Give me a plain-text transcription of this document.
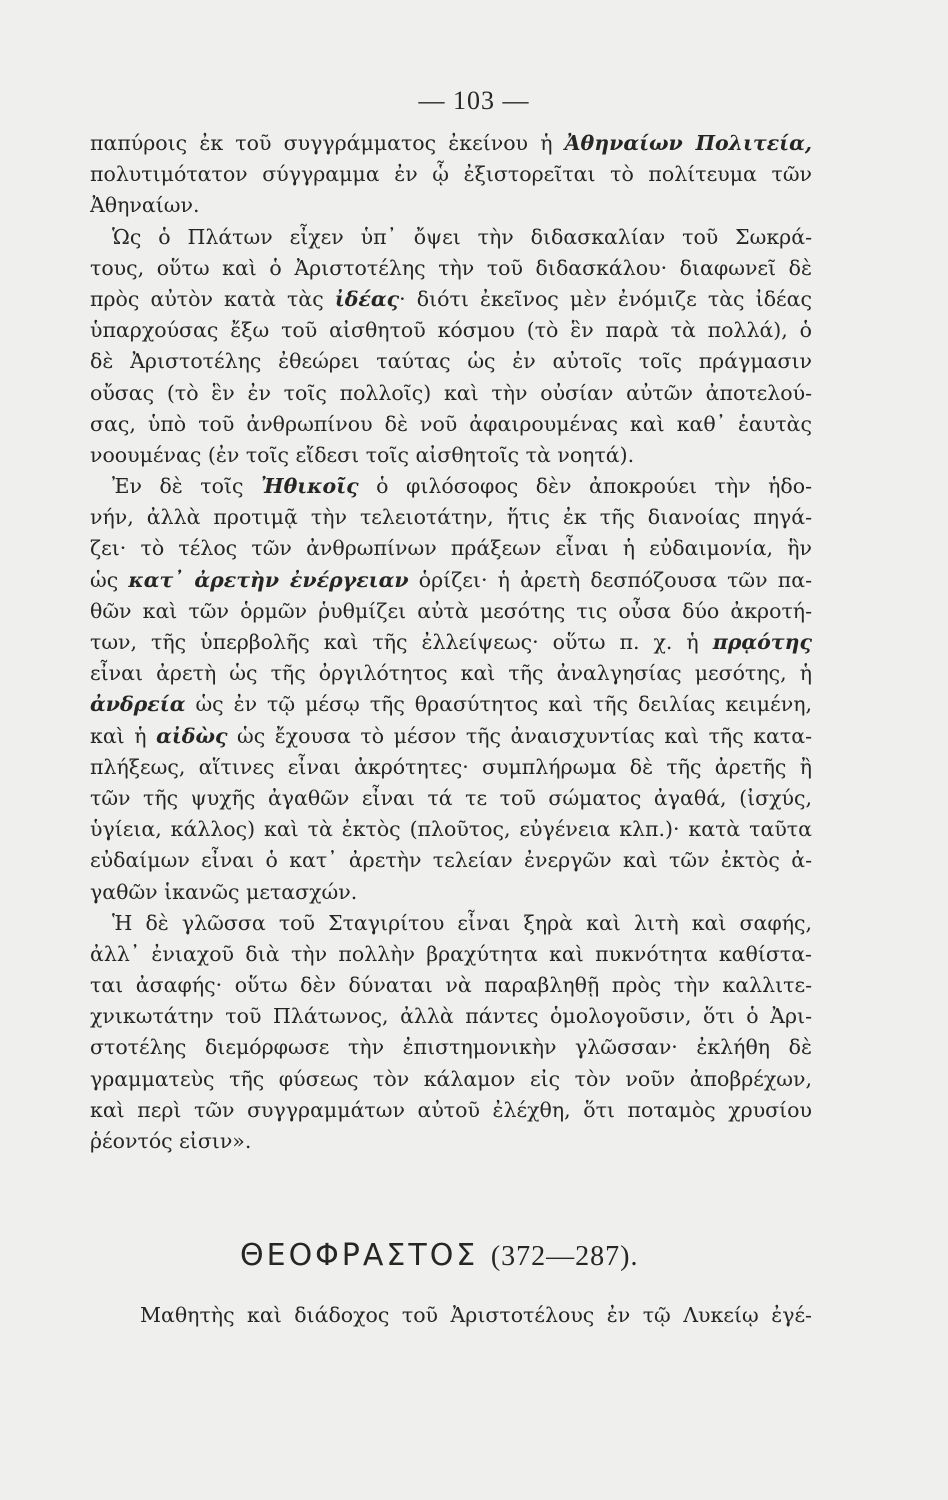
— 103 —
παπύροις ἐκ τοῦ συγγράμματος ἐκείνου ἡ Ἀθηναίων Πολιτεία,
πολυτιμότατον σύγγραμμα ἐν ᾧ ἐξιστορεῖται τὸ πολίτευμα τῶν
Ἀθηναίων.
Ὡς ὁ Πλάτων εἶχεν ὑπ᾽ ὄψει τὴν διδασκαλίαν τοῦ Σωκρά-
τους, οὕτω καὶ ὁ Ἀριστοτέλης τὴν τοῦ διδασκάλου· διαφωνεῖ δὲ
πρὸς αὐτὸν κατὰ τὰς ἰδέας· διότι ἐκεῖνος μὲν ἐνόμιζε τὰς ἰδέας
ὑπαρχούσας ἔξω τοῦ αἰσθητοῦ κόσμου (τὸ ἓν παρὰ τὰ πολλά), ὁ
δὲ Ἀριστοτέλης ἐθεώρει ταύτας ὡς ἐν αὐτοῖς τοῖς πράγμασιν
οὔσας (τὸ ἓν ἐν τοῖς πολλοῖς) καὶ τὴν οὐσίαν αὐτῶν ἀποτελού-
σας, ὑπὸ τοῦ ἀνθρωπίνου δὲ νοῦ ἀφαιρουμένας καὶ καθ᾽ ἑαυτὰς
νοουμένας (ἐν τοῖς εἴδεσι τοῖς αἰσθητοῖς τὰ νοητά).
Ἐν δὲ τοῖς Ἠθικοῖς ὁ φιλόσοφος δὲν ἀποκρούει τὴν ἡδο-
νήν, ἀλλὰ προτιμᾷ τὴν τελειοτάτην, ἥτις ἐκ τῆς διανοίας πηγά-
ζει· τὸ τέλος τῶν ἀνθρωπίνων πράξεων εἶναι ἡ εὐδαιμονία, ἣν
ὡς κατ᾽ ἀρετὴν ἐνέργειαν ὁρίζει· ἡ ἀρετὴ δεσπόζουσα τῶν πα-
θῶν καὶ τῶν ὁρμῶν ῥυθμίζει αὐτὰ μεσότης τις οὖσα δύο ἀκροτή-
των, τῆς ὑπερβολῆς καὶ τῆς ἐλλείψεως· οὕτω π. χ. ἡ πρᾳότης
εἶναι ἀρετὴ ὡς τῆς ὀργιλότητος καὶ τῆς ἀναλγησίας μεσότης, ἡ
ἀνδρεία ὡς ἐν τῷ μέσῳ τῆς θρασύτητος καὶ τῆς δειλίας κειμένη,
καὶ ἡ αἰδὼς ὡς ἔχουσα τὸ μέσον τῆς ἀναισχυντίας καὶ τῆς κατα-
πλήξεως, αἵτινες εἶναι ἀκρότητες· συμπλήρωμα δὲ τῆς ἀρετῆς ἢ
τῶν τῆς ψυχῆς ἀγαθῶν εἶναι τά τε τοῦ σώματος ἀγαθά, (ἰσχύς,
ὑγίεια, κάλλος) καὶ τὰ ἐκτὸς (πλοῦτος, εὐγένεια κλπ.)· κατὰ ταῦτα
εὐδαίμων εἶναι ὁ κατ᾽ ἀρετὴν τελείαν ἐνεργῶν καὶ τῶν ἐκτὸς ἀ-
γαθῶν ἱκανῶς μετασχών.
Ἡ δὲ γλῶσσα τοῦ Σταγιρίτου εἶναι ξηρὰ καὶ λιτὴ καὶ σαφής,
ἀλλ᾽ ἐνιαχοῦ διὰ τὴν πολλὴν βραχύτητα καὶ πυκνότητα καθίστα-
ται ἀσαφής· οὕτω δὲν δύναται νὰ παραβληθῇ πρὸς τὴν καλλιτε-
χνικωτάτην τοῦ Πλάτωνος, ἀλλὰ πάντες ὁμολογοῦσιν, ὅτι ὁ Ἀρι-
στοτέλης διεμόρφωσε τὴν ἐπιστημονικὴν γλῶσσαν· ἐκλήθη δὲ
γραμματεὺς τῆς φύσεως τὸν κάλαμον εἰς τὸν νοῦν ἀποβρέχων,
καὶ περὶ τῶν συγγραμμάτων αὐτοῦ ἐλέχθη, ὅτι ποταμὸς χρυσίου
ῥέοντός εἰσιν».
ΘΕΟΦΡΑΣΤΟΣ (372—287).
Μαθητὴς καὶ διάδοχος τοῦ Ἀριστοτέλους ἐν τῷ Λυκείῳ ἐγέ-
